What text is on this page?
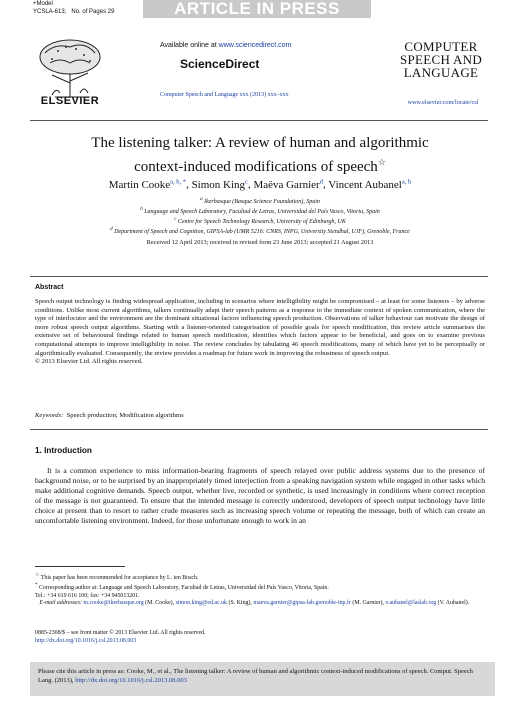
+Model
YCSLA-613; No. of Pages 29	ARTICLE IN PRESS
ELSEVIER
Available online at www.sciencedirect.com
ScienceDirect
Computer Speech and Language xxx (2013) xxx–xxx
COMPUTER
SPEECH AND
LANGUAGE
www.elsevier.com/locate/csl
The listening talker: A review of human and algorithmic
context-induced modifications of speech☆
Martin Cooke$^{a, b, *}$, Simon King$^c$, Maëva Garnier$^d$, Vincent Aubanel$^{a, b}$
$^a$ Ikerbasque (Basque Science Foundation), Spain
$^b$ Language and Speech Laboratory, Facultad de Letras, Universidad del País Vasco, Vitoria, Spain
$^c$ Centre for Speech Technology Research, University of Edinburgh, UK
$^d$ Department of Speech and Cognition, GIPSA-lab (UMR 5216: CNRS, INPG, University Stendhal, UJF), Grenoble, France
Received 12 April 2013; received in revised form 23 June 2013; accepted 21 August 2013
Abstract
Speech output technology is finding widespread application, including in scenarios where intelligibility might be compromised – at least for some listeners – by adverse conditions. Unlike most current algorithms, talkers continually adapt their speech patterns as a response to the immediate context of spoken communication, where the type of interlocutor and the environment are the dominant situational factors influencing speech production. Observations of talker behaviour can motivate the design of more robust speech output algorithms. Starting with a listener-oriented categorisation of possible goals for speech modification, this review article summarises the extensive set of behavioural findings related to human speech modification, identifies which factors appear to be beneficial, and goes on to examine previous computational attempts to improve intelligibility in noise. The review concludes by tabulating 46 speech modifications, many of which have yet to be perceptually or algorithmically evaluated. Consequently, the review provides a roadmap for future work in improving the robustness of speech output.
© 2013 Elsevier Ltd. All rights reserved.
Keywords: Speech production; Modification algorithms
1. Introduction
It is a common experience to miss information-bearing fragments of speech relayed over public address systems due to the presence of background noise, or to be surprised by an inappropriately timed interjection from a speaking navigation system while engaged in other tasks which make additional cognitive demands. Speech output, whether live, recorded or synthetic, is used increasingly in conditions where correct reception of the message is not guaranteed. To ensure that the intended message is correctly understood, developers of speech output technology have little choice at present than to resort to rather crude measures such as increasing speech volume or repeating the message, both of which can create an uncomfortable listening environment. Indeed, for those unfortunate enough to work in an
☆ This paper has been recommended for acceptance by L. ten Bosch.
* Corresponding author at: Language and Speech Laboratory, Facultad de Letras, Universidad del País Vasco, Vitoria, Spain.
Tel.: +34 619 616 100; fax: +34 945013201.
E-mail addresses: m.cooke@ikerbasque.org (M. Cooke), simon.king@ed.ac.uk (S. King), maeva.garnier@gipsa-lab.grenoble-inp.fr (M. Garnier), v.aubanel@laslab.org (V. Aubanel).
0885-2308/$ – see front matter © 2013 Elsevier Ltd. All rights reserved.
http://dx.doi.org/10.1016/j.csl.2013.08.003
Please cite this article in press as: Cooke, M., et al., The listening talker: A review of human and algorithmic context-induced modifications of speech. Comput. Speech Lang. (2013), http://dx.doi.org/10.1016/j.csl.2013.08.003
